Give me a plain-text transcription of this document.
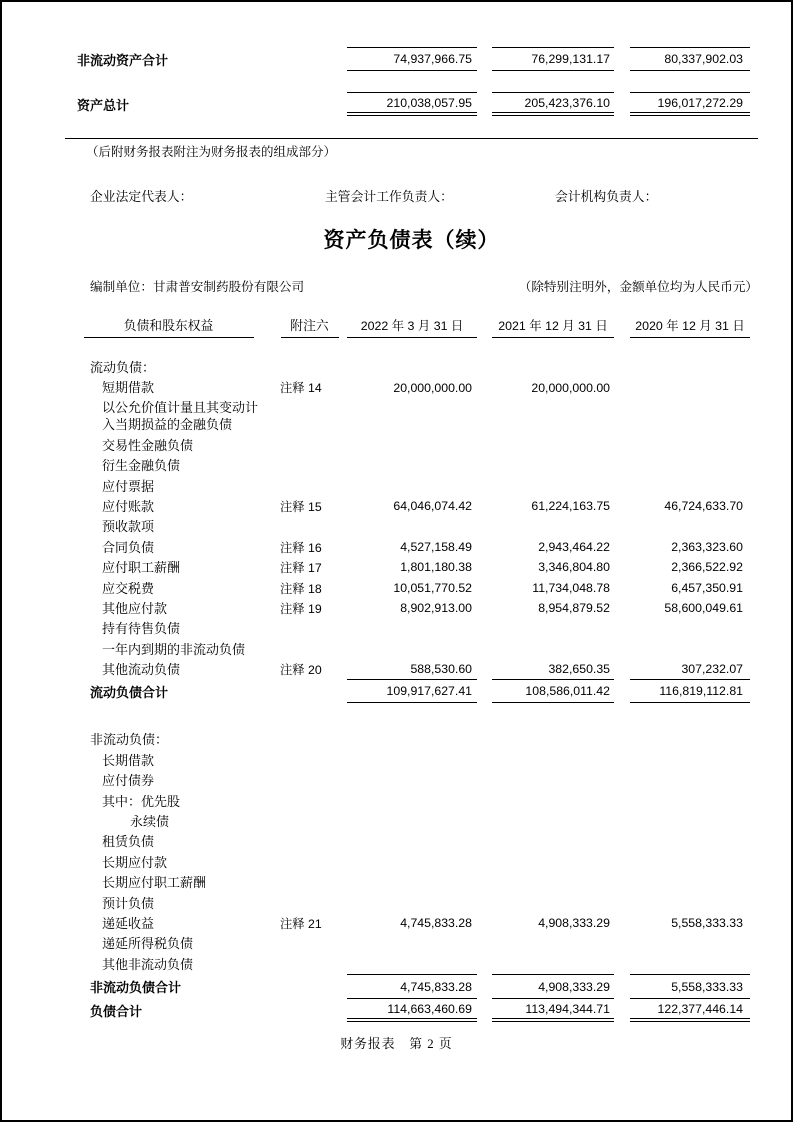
非流动资产合计	74,937,966.75	76,299,131.17	80,337,902.03
资产总计	210,038,057.95	205,423,376.10	196,017,272.29
（后附财务报表附注为财务报表的组成部分）
企业法定代表人：	主管会计工作负责人：	会计机构负责人：
资产负债表（续）
编制单位：甘肃普安制药股份有限公司	（除特别注明外，金额单位均为人民币元）
负债和股东权益	附注六	2022 年 3 月 31 日	2021 年 12 月 31 日	2020 年 12 月 31 日
流动负债：
短期借款	注释 14	20,000,000.00	20,000,000.00
以公允价值计量且其变动计
入当期损益的金融负债
交易性金融负债
衍生金融负债
应付票据
应付账款	注释 15	64,046,074.42	61,224,163.75	46,724,633.70
预收款项
合同负债	注释 16	4,527,158.49	2,943,464.22	2,363,323.60
应付职工薪酬	注释 17	1,801,180.38	3,346,804.80	2,366,522.92
应交税费	注释 18	10,051,770.52	11,734,048.78	6,457,350.91
其他应付款	注释 19	8,902,913.00	8,954,879.52	58,600,049.61
持有待售负债
一年内到期的非流动负债
其他流动负债	注释 20	588,530.60	382,650.35	307,232.07
流动负债合计	109,917,627.41	108,586,011.42	116,819,112.81
非流动负债：
长期借款
应付债券
其中：优先股
永续债
租赁负债
长期应付款
长期应付职工薪酬
预计负债
递延收益	注释 21	4,745,833.28	4,908,333.29	5,558,333.33
递延所得税负债
其他非流动负债
非流动负债合计	4,745,833.28	4,908,333.29	5,558,333.33
负债合计	114,663,460.69	113,494,344.71	122,377,446.14
财务报表　第 2 页
